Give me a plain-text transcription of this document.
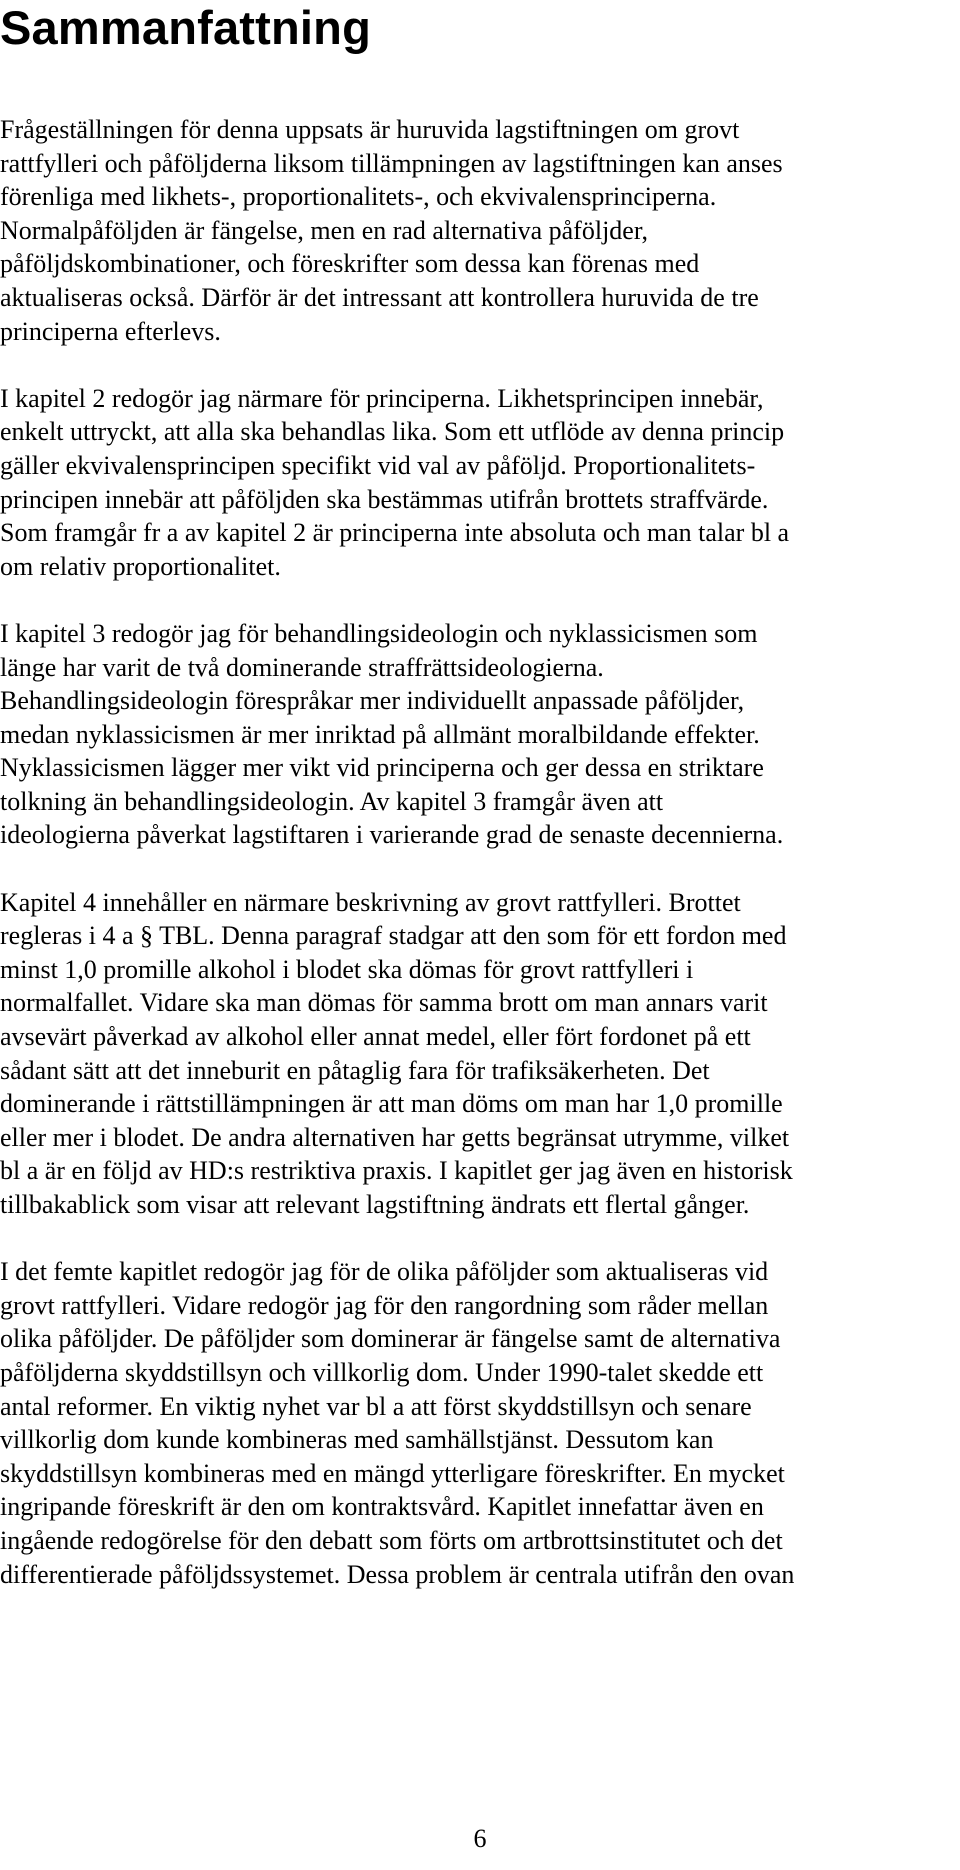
Sammanfattning

Frågeställningen för denna uppsats är huruvida lagstiftningen om grovt
rattfylleri och påföljderna liksom tillämpningen av lagstiftningen kan anses
förenliga med likhets-, proportionalitets-, och ekvivalensprinciperna.
Normalpåföljden är fängelse, men en rad alternativa påföljder,
påföljdskombinationer, och föreskrifter som dessa kan förenas med
aktualiseras också. Därför är det intressant att kontrollera huruvida de tre
principerna efterlevs.

I kapitel 2 redogör jag närmare för principerna. Likhetsprincipen innebär,
enkelt uttryckt, att alla ska behandlas lika. Som ett utflöde av denna princip
gäller ekvivalensprincipen specifikt vid val av påföljd. Proportionalitets-
principen innebär att påföljden ska bestämmas utifrån brottets straffvärde.
Som framgår fr a av kapitel 2 är principerna inte absoluta och man talar bl a
om relativ proportionalitet.

I kapitel 3 redogör jag för behandlingsideologin och nyklassicismen som
länge har varit de två dominerande straffrättsideologierna.
Behandlingsideologin förespråkar mer individuellt anpassade påföljder,
medan nyklassicismen är mer inriktad på allmänt moralbildande effekter.
Nyklassicismen lägger mer vikt vid principerna och ger dessa en striktare
tolkning än behandlingsideologin. Av kapitel 3 framgår även att
ideologierna påverkat lagstiftaren i varierande grad de senaste decennierna.

Kapitel 4 innehåller en närmare beskrivning av grovt rattfylleri. Brottet
regleras i 4 a § TBL. Denna paragraf stadgar att den som för ett fordon med
minst 1,0 promille alkohol i blodet ska dömas för grovt rattfylleri i
normalfallet. Vidare ska man dömas för samma brott om man annars varit
avsevärt påverkad av alkohol eller annat medel, eller fört fordonet på ett
sådant sätt att det inneburit en påtaglig fara för trafiksäkerheten. Det
dominerande i rättstillämpningen är att man döms om man har 1,0 promille
eller mer i blodet. De andra alternativen har getts begränsat utrymme, vilket
bl a är en följd av HD:s restriktiva praxis. I kapitlet ger jag även en historisk
tillbakablick som visar att relevant lagstiftning ändrats ett flertal gånger.

I det femte kapitlet redogör jag för de olika påföljder som aktualiseras vid
grovt rattfylleri. Vidare redogör jag för den rangordning som råder mellan
olika påföljder. De påföljder som dominerar är fängelse samt de alternativa
påföljderna skyddstillsyn och villkorlig dom. Under 1990-talet skedde ett
antal reformer. En viktig nyhet var bl a att först skyddstillsyn och senare
villkorlig dom kunde kombineras med samhällstjänst. Dessutom kan
skyddstillsyn kombineras med en mängd ytterligare föreskrifter. En mycket
ingripande föreskrift är den om kontraktsvård. Kapitlet innefattar även en
ingående redogörelse för den debatt som förts om artbrottsinstitutet och det
differentierade påföljdssystemet. Dessa problem är centrala utifrån den ovan

6
